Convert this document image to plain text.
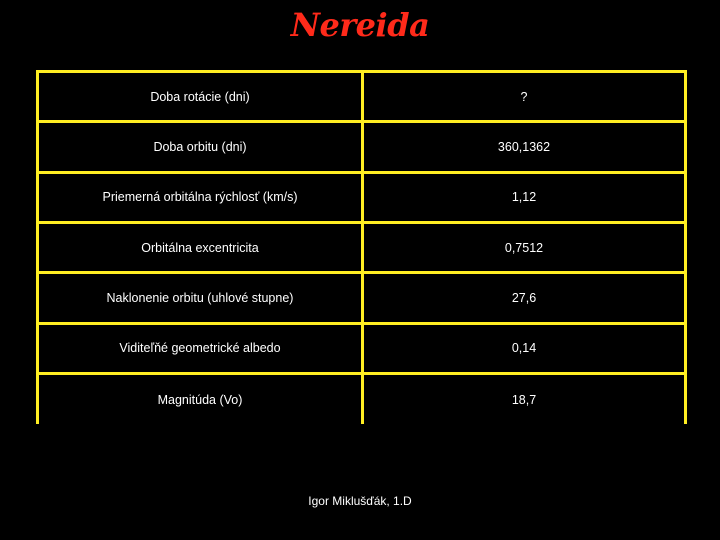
Nereida
Doba rotácie (dni)	?
Doba orbitu (dni)	360,1362
Priemerná orbitálna rýchlosť (km/s)	1,12
Orbitálna excentricita	0,7512
Naklonenie orbitu (uhlové stupne)	27,6
Viditeľňé geometrické albedo	0,14
Magnitúda (Vo)	18,7
Igor Miklušďák, 1.D
